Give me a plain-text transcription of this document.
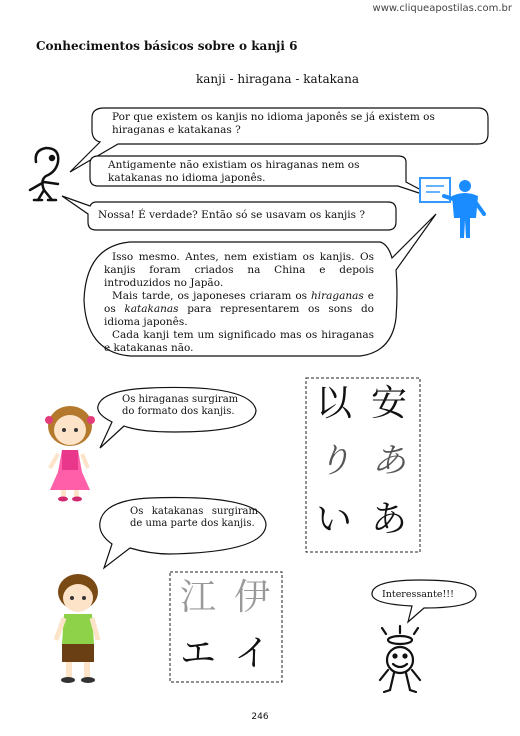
www.cliqueapostilas.com.br
Conhecimentos básicos sobre o kanji 6
kanji - hiragana - katakana
Por que existem os kanjis no idioma japonês se já existem os hiraganas e katakanas ?
Antigamente não existiam os hiraganas nem os katakanas no idioma japonês.
Nossa! É verdade? Então só se usavam os kanjis ?
Isso mesmo. Antes, nem existiam os kanjis. Os kanjis foram criados na China e depois introduzidos no Japão.
Mais tarde, os japoneses criaram os hiraganas e os katakanas para representarem os sons do idioma japonês.
Cada kanji tem um significado mas os hiraganas e katakanas não.
Os hiraganas surgiram do formato dos kanjis.
Os katakanas surgiram de uma parte dos kanjis.
Interessante!!!
以 安
り あ
い あ
江 伊
エ イ
246
